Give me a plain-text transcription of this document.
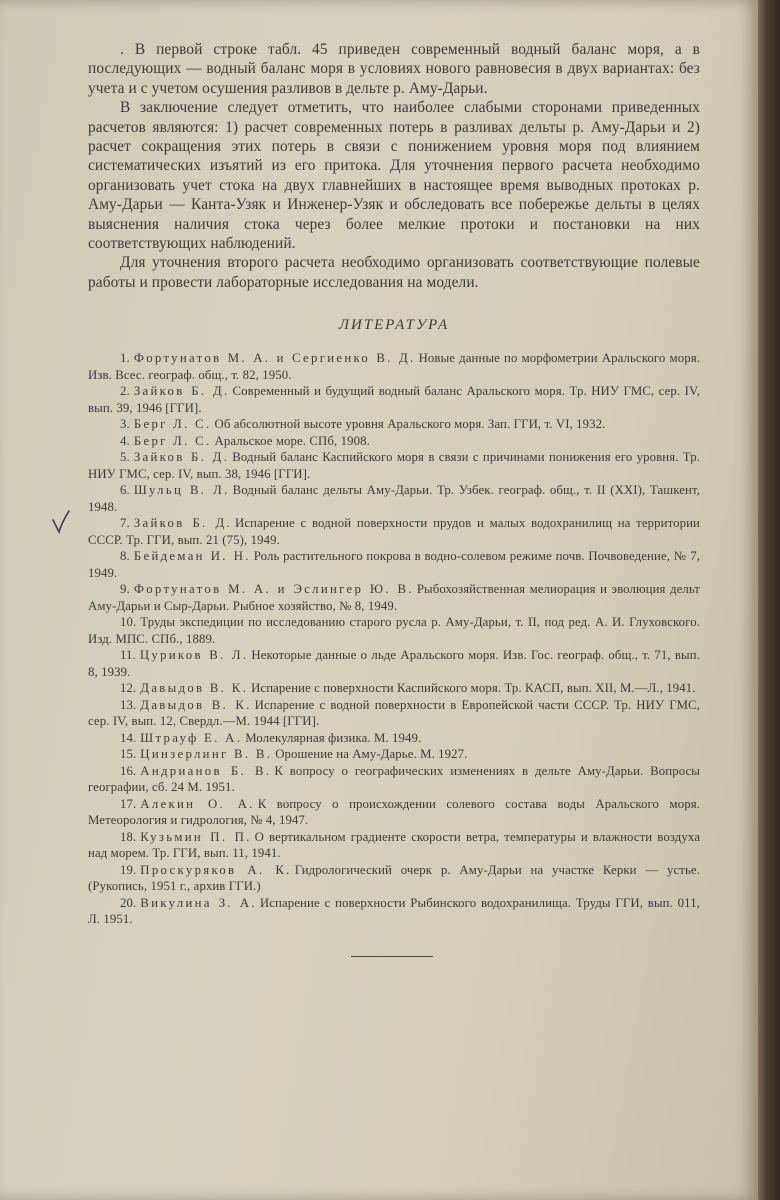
. В первой строке табл. 45 приведен современный водный баланс моря, а в последующих — водный баланс моря в условиях нового равновесия в двух вариантах: без учета и с учетом осушения разливов в дельте р. Аму-Дарьи.

В заключение следует отметить, что наиболее слабыми сторонами приведенных расчетов являются: 1) расчет современных потерь в разливах дельты р. Аму-Дарьи и 2) расчет сокращения этих потерь в связи с понижением уровня моря под влиянием систематических изъятий из его притока. Для уточнения первого расчета необходимо организовать учет стока на двух главнейших в настоящее время выводных протоках р. Аму-Дарьи — Канта-Узяк и Инженер-Узяк и обследовать все побережье дельты в целях выяснения наличия стока через более мелкие протоки и постановки на них соответствующих наблюдений.

Для уточнения второго расчета необходимо организовать соответствующие полевые работы и провести лабораторные исследования на модели.

ЛИТЕРАТУРА
1. Фортунатов М. А. и Сергиенко В. Д. Новые данные по морфометрии Аральского моря. Изв. Всес. географ. общ., т. 82, 1950.
2. Зайков Б. Д. Современный и будущий водный баланс Аральского моря. Тр. НИУ ГМС, сер. IV, вып. 39, 1946 [ГГИ].
3. Берг Л. С. Об абсолютной высоте уровня Аральского моря. Зап. ГГИ, т. VI, 1932.
4. Берг Л. С. Аральское море. СПб, 1908.
5. Зайков Б. Д. Водный баланс Каспийского моря в связи с причинами понижения его уровня. Тр. НИУ ГМС, сер. IV, вып. 38, 1946 [ГГИ].
6. Шульц В. Л. Водный баланс дельты Аму-Дарьи. Тр. Узбек. географ. общ., т. II (XXI), Ташкент, 1948.
7. Зайков Б. Д. Испарение с водной поверхности прудов и малых водохранилищ на территории СССР. Тр. ГГИ, вып. 21 (75), 1949.
8. Бейдеман И. Н. Роль растительного покрова в водно-солевом режиме почв. Почвоведение, № 7, 1949.
9. Фортунатов М. А. и Эслингер Ю. В. Рыбохозяйственная мелиорация и эволюция дельт Аму-Дарьи и Сыр-Дарьи. Рыбное хозяйство, № 8, 1949.
10. Труды экспедиции по исследованию старого русла р. Аму-Дарьи, т. II, под ред. А. И. Глуховского. Изд. МПС. СПб., 1889.
11. Цуриков В. Л. Некоторые данные о льде Аральского моря. Изв. Гос. географ. общ., т. 71, вып. 8, 1939.
12. Давыдов В. К. Испарение с поверхности Каспийского моря. Тр. КАСП, вып. XII, М.—Л., 1941.
13. Давыдов В. К. Испарение с водной поверхности в Европейской части СССР. Тр. НИУ ГМС, сер. IV, вып. 12, Свердл.—М. 1944 [ГГИ].
14. Штрауф Е. А. Молекулярная физика. М. 1949.
15. Цинзерлинг В. В. Орошение на Аму-Дарье. М. 1927.
16. Андрианов Б. В. К вопросу о географических изменениях в дельте Аму-Дарьи. Вопросы географии, сб. 24 М. 1951.
17. Алекин О. А. К вопросу о происхождении солевого состава воды Аральского моря. Метеорология и гидрология, № 4, 1947.
18. Кузьмин П. П. О вертикальном градиенте скорости ветра, температуры и влажности воздуха над морем. Тр. ГГИ, вып. 11, 1941.
19. Проскуряков А. К. Гидрологический очерк р. Аму-Дарьи на участке Керки — устье. (Рукопись, 1951 г., архив ГГИ.)
20. Викулина З. А. Испарение с поверхности Рыбинского водохранилища. Труды ГГИ, вып. 011, Л. 1951.
